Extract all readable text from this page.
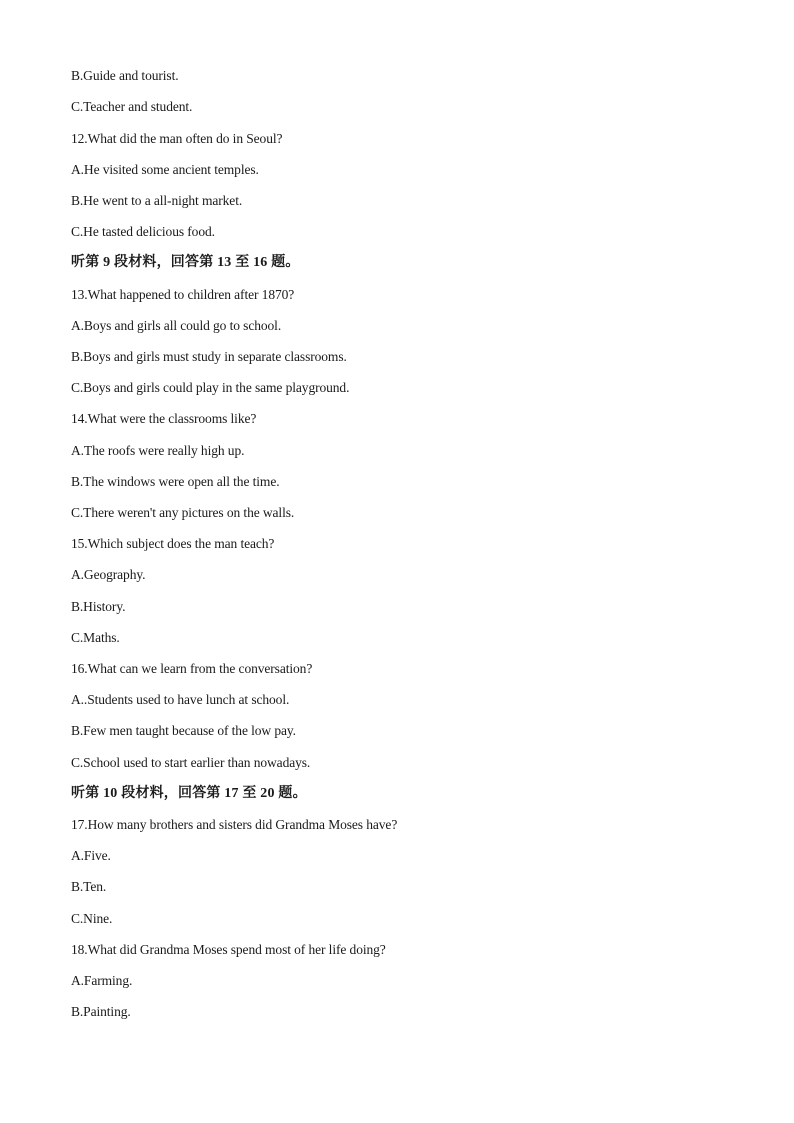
B.Guide and tourist.
C.Teacher and student.
12.What did the man often do in Seoul?
A.He visited some ancient temples.
B.He went to a all-night market.
C.He tasted delicious food.
听第 9 段材料，回答第 13 至 16 题。
13.What happened to children after 1870?
A.Boys and girls all could go to school.
B.Boys and girls must study in separate classrooms.
C.Boys and girls could play in the same playground.
14.What were the classrooms like?
A.The roofs were really high up.
B.The windows were open all the time.
C.There weren't any pictures on the walls.
15.Which subject does the man teach?
A.Geography.
B.History.
C.Maths.
16.What can we learn from the conversation?
A..Students used to have lunch at school.
B.Few men taught because of the low pay.
C.School used to start earlier than nowadays.
听第 10 段材料，回答第 17 至 20 题。
17.How many brothers and sisters did Grandma Moses have?
A.Five.
B.Ten.
C.Nine.
18.What did Grandma Moses spend most of her life doing?
A.Farming.
B.Painting.
